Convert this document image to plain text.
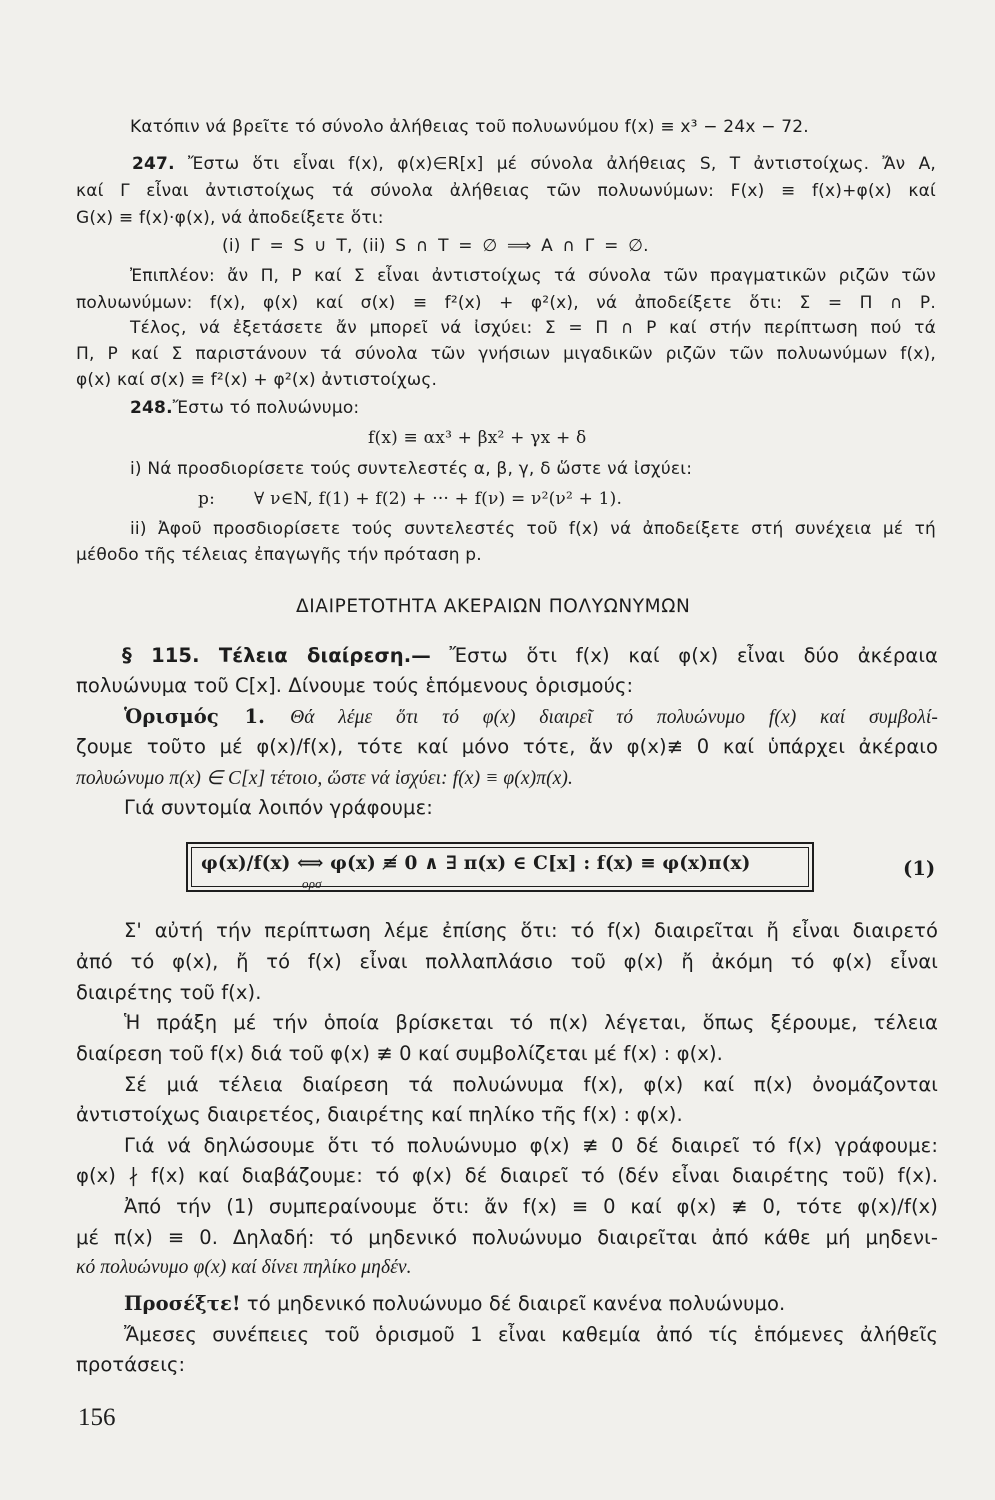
Κατόπιν νά βρεῖτε τό σύνολο ἀλήθειας τοῦ πολυωνύμου f(x) ≡ x³ − 24x − 72.
247. Ἔστω ὅτι εἶναι f(x), φ(x)∈R[x] μέ σύνολα ἀλήθειας S, T ἀντιστοίχως. Ἄν A,
καί Γ εἶναι ἀντιστοίχως τά σύνολα ἀλήθειας τῶν πολυωνύμων: F(x) ≡ f(x)+φ(x) καί
G(x) ≡ f(x)·φ(x), νά ἀποδείξετε ὅτι:
(i) Γ = S ∪ T, (ii) S ∩ T = ∅ ⟹ A ∩ Γ = ∅.
Ἐπιπλέον: ἄν Π, Ρ καί Σ εἶναι ἀντιστοίχως τά σύνολα τῶν πραγματικῶν ριζῶν τῶν
πολυωνύμων: f(x), φ(x) καί σ(x) ≡ f²(x) + φ²(x), νά ἀποδείξετε ὅτι: Σ = Π ∩ Ρ.
Τέλος, νά ἐξετάσετε ἄν μπορεῖ νά ἰσχύει: Σ = Π ∩ Ρ καί στήν περίπτωση πού τά
Π, Ρ καί Σ παριστάνουν τά σύνολα τῶν γνήσιων μιγαδικῶν ριζῶν τῶν πολυωνύμων f(x),
φ(x) καί σ(x) ≡ f²(x) + φ²(x) ἀντιστοίχως.
248.Ἔστω τό πολυώνυμο:
f(x) ≡ αx³ + βx² + γx + δ
i) Νά προσδιορίσετε τούς συντελεστές α, β, γ, δ ὥστε νά ἰσχύει:
p: ∀ ν∈N, f(1) + f(2) + ··· + f(ν) = ν²(ν² + 1).
ii) Ἀφοῦ προσδιορίσετε τούς συντελεστές τοῦ f(x) νά ἀποδείξετε στή συνέχεια μέ τή
μέθοδο τῆς τέλειας ἐπαγωγῆς τήν πρόταση p.
ΔΙΑΙΡΕΤΟΤΗΤΑ ΑΚΕΡΑΙΩΝ ΠΟΛΥΩΝΥΜΩΝ
§ 115. Τέλεια διαίρεση.— Ἔστω ὅτι f(x) καί φ(x) εἶναι δύο ἀκέραια
πολυώνυμα τοῦ C[x]. Δίνουμε τούς ἑπόμενους ὁρισμούς:
Ὁρισμός 1. Θά λέμε ὅτι τό φ(x) διαιρεῖ τό πολυώνυμο f(x) καί συμβολί-
ζουμε τοῦτο μέ φ(x)/f(x), τότε καί μόνο τότε, ἄν φ(x)≢ 0 καί ὑπάρχει ἀκέραιο
πολυώνυμο π(x) ∈ C[x] τέτοιο, ὥστε νά ἰσχύει: f(x) ≡ φ(x)π(x).
Γιά συντομία λοιπόν γράφουμε:
φ(x)/f(x) ⟺ φ(x) ≢ 0 ∧ ∃ π(x) ∈ C[x] : f(x) ≡ φ(x)π(x)
ορσ
(1)
Σ' αὐτή τήν περίπτωση λέμε ἐπίσης ὅτι: τό f(x) διαιρεῖται ἤ εἶναι διαιρετό
ἀπό τό φ(x), ἤ τό f(x) εἶναι πολλαπλάσιο τοῦ φ(x) ἤ ἀκόμη τό φ(x) εἶναι
διαιρέτης τοῦ f(x).
Ἡ πράξη μέ τήν ὁποία βρίσκεται τό π(x) λέγεται, ὅπως ξέρουμε, τέλεια
διαίρεση τοῦ f(x) διά τοῦ φ(x) ≢ 0 καί συμβολίζεται μέ f(x) : φ(x).
Σέ μιά τέλεια διαίρεση τά πολυώνυμα f(x), φ(x) καί π(x) ὀνομάζονται
ἀντιστοίχως διαιρετέος, διαιρέτης καί πηλίκο τῆς f(x) : φ(x).
Γιά νά δηλώσουμε ὅτι τό πολυώνυμο φ(x) ≢ 0 δέ διαιρεῖ τό f(x) γράφουμε:
φ(x) ∤ f(x) καί διαβάζουμε: τό φ(x) δέ διαιρεῖ τό (δέν εἶναι διαιρέτης τοῦ) f(x).
Ἀπό τήν (1) συμπεραίνουμε ὅτι: ἄν f(x) ≡ 0 καί φ(x) ≢ 0, τότε φ(x)/f(x)
μέ π(x) ≡ 0. Δηλαδή: τό μηδενικό πολυώνυμο διαιρεῖται ἀπό κάθε μή μηδενι-
κό πολυώνυμο φ(x) καί δίνει πηλίκο μηδέν.
Προσέξτε! τό μηδενικό πολυώνυμο δέ διαιρεῖ κανένα πολυώνυμο.
Ἄμεσες συνέπειες τοῦ ὁρισμοῦ 1 εἶναι καθεμία ἀπό τίς ἑπόμενες ἀλήθεῖς
προτάσεις:
156
